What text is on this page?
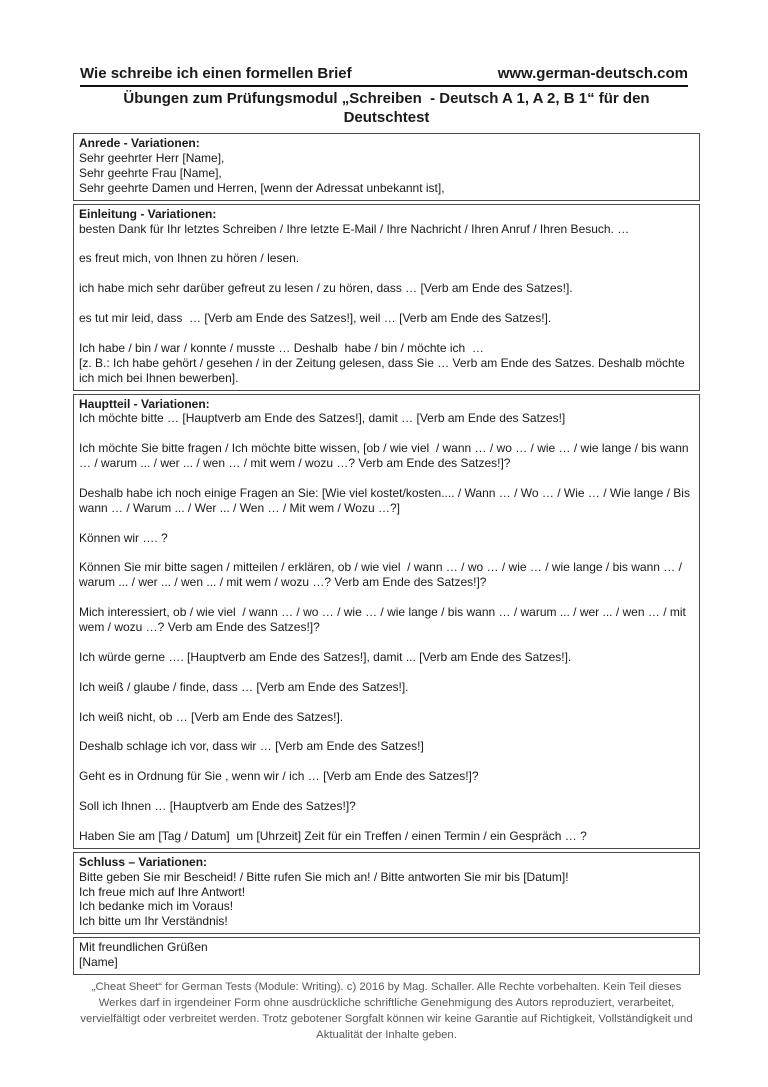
Wie schreibe ich einen formellen Brief	www.german-deutsch.com
Übungen zum Prüfungsmodul „Schreiben  - Deutsch A 1, A 2, B 1“ für den Deutschtest
Anrede - Variationen:
Sehr geehrter Herr [Name],
Sehr geehrte Frau [Name],
Sehr geehrte Damen und Herren, [wenn der Adressat unbekannt ist],
Einleitung - Variationen:
besten Dank für Ihr letztes Schreiben / Ihre letzte E-Mail / Ihre Nachricht / Ihren Anruf / Ihren Besuch. …

es freut mich, von Ihnen zu hören / lesen.

ich habe mich sehr darüber gefreut zu lesen / zu hören, dass … [Verb am Ende des Satzes!].

es tut mir leid, dass  … [Verb am Ende des Satzes!], weil … [Verb am Ende des Satzes!].

Ich habe / bin / war / konnte / musste … Deshalb  habe / bin / möchte ich  …
[z. B.: Ich habe gehört / gesehen / in der Zeitung gelesen, dass Sie … Verb am Ende des Satzes. Deshalb möchte ich mich bei Ihnen bewerben].
Hauptteil - Variationen:
Ich möchte bitte … [Hauptverb am Ende des Satzes!], damit … [Verb am Ende des Satzes!]

Ich möchte Sie bitte fragen / Ich möchte bitte wissen, [ob / wie viel  / wann … / wo … / wie … / wie lange / bis wann … / warum ... / wer ... / wen … / mit wem / wozu …? Verb am Ende des Satzes!]?

Deshalb habe ich noch einige Fragen an Sie: [Wie viel kostet/kosten.... / Wann … / Wo … / Wie … / Wie lange / Bis wann … / Warum ... / Wer ... / Wen … / Mit wem / Wozu …?]

Können wir …. ?

Können Sie mir bitte sagen / mitteilen / erklären, ob / wie viel  / wann … / wo … / wie … / wie lange / bis wann … / warum ... / wer ... / wen ... / mit wem / wozu …? Verb am Ende des Satzes!]?

Mich interessiert, ob / wie viel  / wann … / wo … / wie … / wie lange / bis wann … / warum ... / wer ... / wen … / mit wem / wozu …? Verb am Ende des Satzes!]?

Ich würde gerne …. [Hauptverb am Ende des Satzes!], damit ... [Verb am Ende des Satzes!].

Ich weiß / glaube / finde, dass … [Verb am Ende des Satzes!].

Ich weiß nicht, ob … [Verb am Ende des Satzes!].

Deshalb schlage ich vor, dass wir … [Verb am Ende des Satzes!]

Geht es in Ordnung für Sie , wenn wir / ich … [Verb am Ende des Satzes!]?

Soll ich Ihnen … [Hauptverb am Ende des Satzes!]?

Haben Sie am [Tag / Datum]  um [Uhrzeit] Zeit für ein Treffen / einen Termin / ein Gespräch … ?
Schluss – Variationen:
Bitte geben Sie mir Bescheid! / Bitte rufen Sie mich an! / Bitte antworten Sie mir bis [Datum]!
Ich freue mich auf Ihre Antwort!
Ich bedanke mich im Voraus!
Ich bitte um Ihr Verständnis!
Mit freundlichen Grüßen
[Name]
„Cheat Sheet“ for German Tests (Module: Writing). c) 2016 by Mag. Schaller. Alle Rechte vorbehalten. Kein Teil dieses Werkes darf in irgendeiner Form ohne ausdrückliche schriftliche Genehmigung des Autors reproduziert, verarbeitet, vervielfältigt oder verbreitet werden. Trotz gebotener Sorgfalt können wir keine Garantie auf Richtigkeit, Vollständigkeit und Aktualität der Inhalte geben.
